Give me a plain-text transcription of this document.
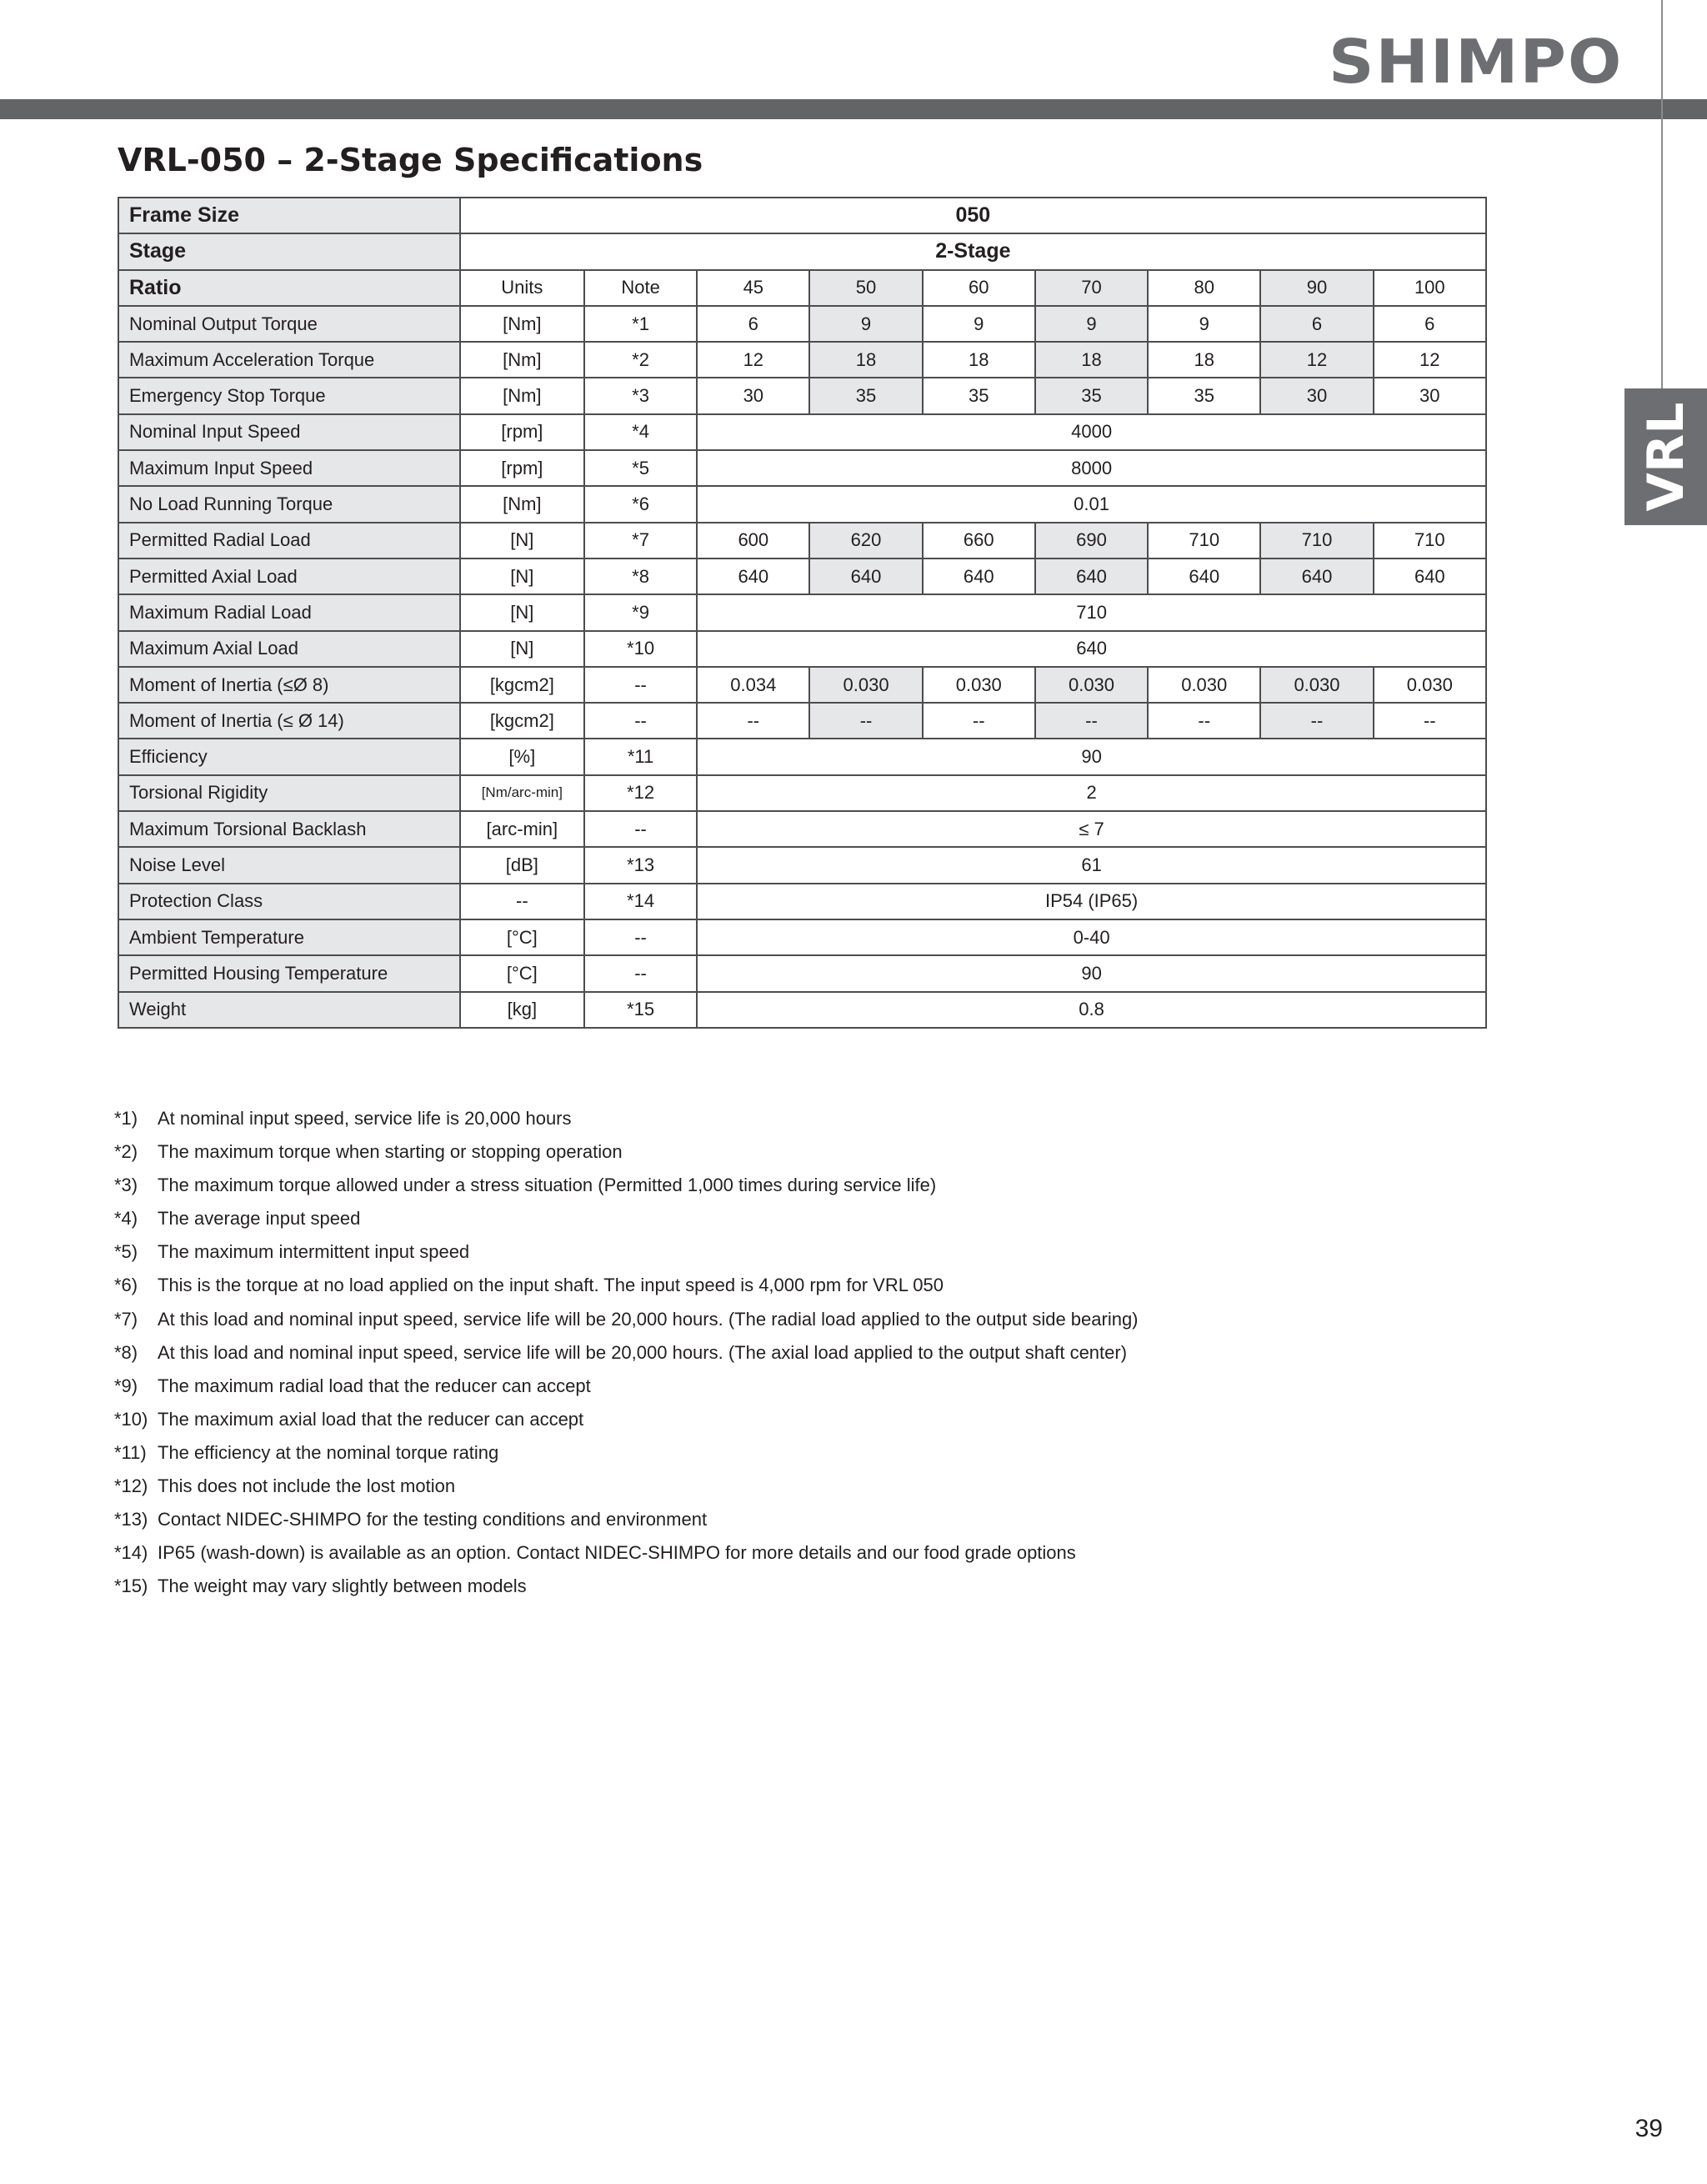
SHIMPO
VRL
VRL-050 – 2-Stage Specifications
Frame Size	050								
Stage	2-Stage								
Ratio	Units	Note	45	50	60	70	80	90	100
Nominal Output Torque	[Nm]	*1	6	9	9	9	9	6	6
Maximum Acceleration Torque	[Nm]	*2	12	18	18	18	18	12	12
Emergency Stop Torque	[Nm]	*3	30	35	35	35	35	30	30
Nominal Input Speed	[rpm]	*4	4000						
Maximum Input Speed	[rpm]	*5	8000						
No Load Running Torque	[Nm]	*6	0.01						
Permitted Radial Load	[N]	*7	600	620	660	690	710	710	710
Permitted Axial Load	[N]	*8	640	640	640	640	640	640	640
Maximum Radial Load	[N]	*9	710						
Maximum Axial Load	[N]	*10	640						
Moment of Inertia (≤Ø 8)	[kgcm2]	--	0.034	0.030	0.030	0.030	0.030	0.030	0.030
Moment of Inertia (≤ Ø 14)	[kgcm2]	--	--	--	--	--	--	--	--
Efficiency	[%]	*11	90						
Torsional Rigidity	[Nm/arc-min]	*12	2						
Maximum Torsional Backlash	[arc-min]	--	≤ 7						
Noise Level	[dB]	*13	61						
Protection Class	--	*14	IP54 (IP65)						
Ambient Temperature	[°C]	--	0-40						
Permitted Housing Temperature	[°C]	--	90						
Weight	[kg]	*15	0.8						
*1) At nominal input speed, service life is 20,000 hours
*2) The maximum torque when starting or stopping operation
*3) The maximum torque allowed under a stress situation (Permitted 1,000 times during service life)
*4) The average input speed
*5) The maximum intermittent input speed
*6) This is the torque at no load applied on the input shaft. The input speed is 4,000 rpm for VRL 050
*7) At this load and nominal input speed, service life will be 20,000 hours. (The radial load applied to the output side bearing)
*8) At this load and nominal input speed, service life will be 20,000 hours. (The axial load applied to the output shaft center)
*9) The maximum radial load that the reducer can accept
*10) The maximum axial load that the reducer can accept
*11) The efficiency at the nominal torque rating
*12) This does not include the lost motion
*13) Contact NIDEC-SHIMPO for the testing conditions and environment
*14) IP65 (wash-down) is available as an option. Contact NIDEC-SHIMPO for more details and our food grade options
*15) The weight may vary slightly between models
39
